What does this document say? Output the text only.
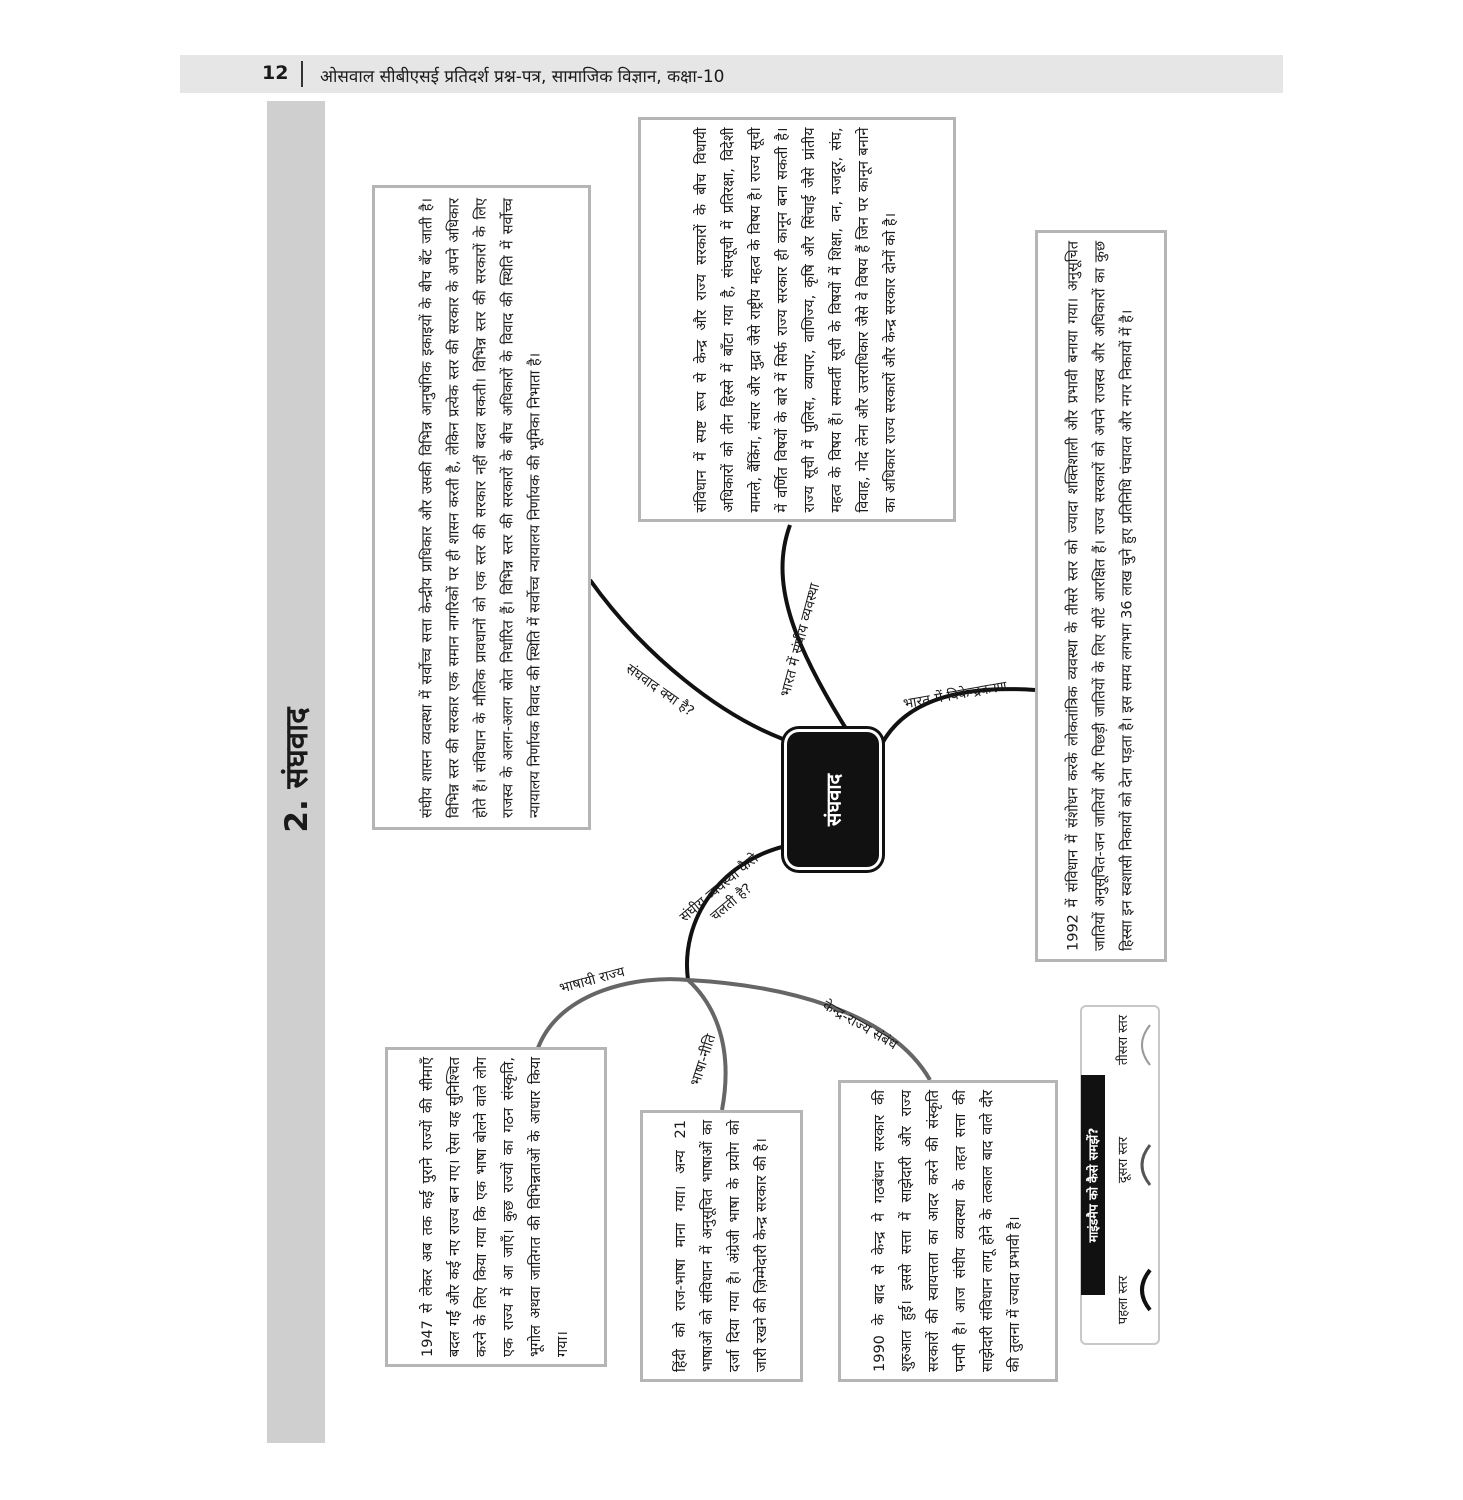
12 ओसवाल सीबीएसई प्रतिदर्श प्रश्न-पत्र, सामाजिक विज्ञान, कक्षा-10
2. संघवाद	संघवाद
संघवाद क्या है?	भारत में संघीय व्यवस्था	भारत में विकेन्द्रकरण
संघीय व्यवस्था कैसे चलती है?
भाषायी राज्य
भाषा-नीति
केन्द्र-राज्य संबंध
संघीय शासन व्यवस्था में सर्वोच्च सत्ता केन्द्रीय प्राधिकार और उसकी विभिन्न आनुषंगिक इकाइयों के बीच बँट जाती है। विभिन्न स्तर की सरकार एक समान नागरिकों पर ही शासन करती है, लेकिन प्रत्येक स्तर की सरकार के अपने अधिकार होते हैं। संविधान के मौलिक प्रावधानों को एक स्तर की सरकार नहीं बदल सकती। विभिन्न स्तर की सरकारों के लिए राजस्व के अलग-अलग स्रोत निर्धारित हैं। विभिन्न स्तर की सरकारों के बीच अधिकारों के विवाद की स्थिति में सर्वोच्च न्यायालय निर्णायक विवाद की स्थिति में सर्वोच्च न्यायालय निर्णायक की भूमिका निभाता है।
संविधान में स्पष्ट रूप से केन्द्र और राज्य सरकारों के बीच विधायी अधिकारों को तीन हिस्से में बाँटा गया है, संघसूची में प्रतिरक्षा, विदेशी मामले, बैंकिंग, संचार और मुद्रा जैसे राष्ट्रीय महत्व के विषय है। राज्य सूची में वर्णित विषयों के बारे में सिर्फ राज्य सरकार ही कानून बना सकती है। राज्य सूची में पुलिस, व्यापार, वाणिज्य, कृषि और सिंचाई जैसे प्रांतीय महत्व के विषय हैं। समवर्ती सूची के विषयों में शिक्षा, वन, मजदूर, संघ, विवाह, गोद लेना और उत्तराधिकार जैसे वे विषय हैं जिन पर कानून बनाने का अधिकार राज्य सरकारों और केन्द्र सरकार दोनों को है।	1992 में संविधान में संशोधन करके लोकतांत्रिक व्यवस्था के तीसरे स्तर को ज्यादा शक्तिशाली और प्रभावी बनाया गया। अनुसूचित जातियों अनुसूचित-जन जातियों और पिछड़ी जातियों के लिए सीटें आरक्षित हैं। राज्य सरकारों को अपने राजस्व और अधिकारों का कुछ हिस्सा इन स्वशासी निकायों को देना पड़ता है। इस समय लगभग 36 लाख चुने हुए प्रतिनिधि पंचायत और नगर निकायों में है।
1947 से लेकर अब तक कई पुराने राज्यों की सीमाएँ बदल गईं और कई नए राज्य बन गए। ऐसा यह सुनिश्चित करने के लिए किया गया कि एक भाषा बोलने वाले लोग एक राज्य में आ जाएँ। कुछ राज्यों का गठन संस्कृति, भूगोल अथवा जातिगत की विभिन्नताओं के आधार किया गया।	हिंदी को राज-भाषा माना गया। अन्य 21 भाषाओं को संविधान में अनुसूचित भाषाओं का दर्जा दिया गया है। अंग्रेजी भाषा के प्रयोग को जारी रखने की ज़िम्मेदारी केन्द्र सरकार की है।	1990 के बाद से केन्द्र मे गठबंधन सरकार की शुरुआत हुई। इससे सत्ता में साझेदारी और राज्य सरकारों की स्वायत्तता का आदर करने की संस्कृति पनपी है। आज संघीय व्यवस्था के तहत सत्ता की साझेदारी संविधान लागू होने के तत्काल बाद वाले दौर की तुलना में ज्यादा प्रभावी है।
माइंडमैप को कैसे समझें?
पहला स्तर
दूसरा स्तर
तीसरा स्तर
